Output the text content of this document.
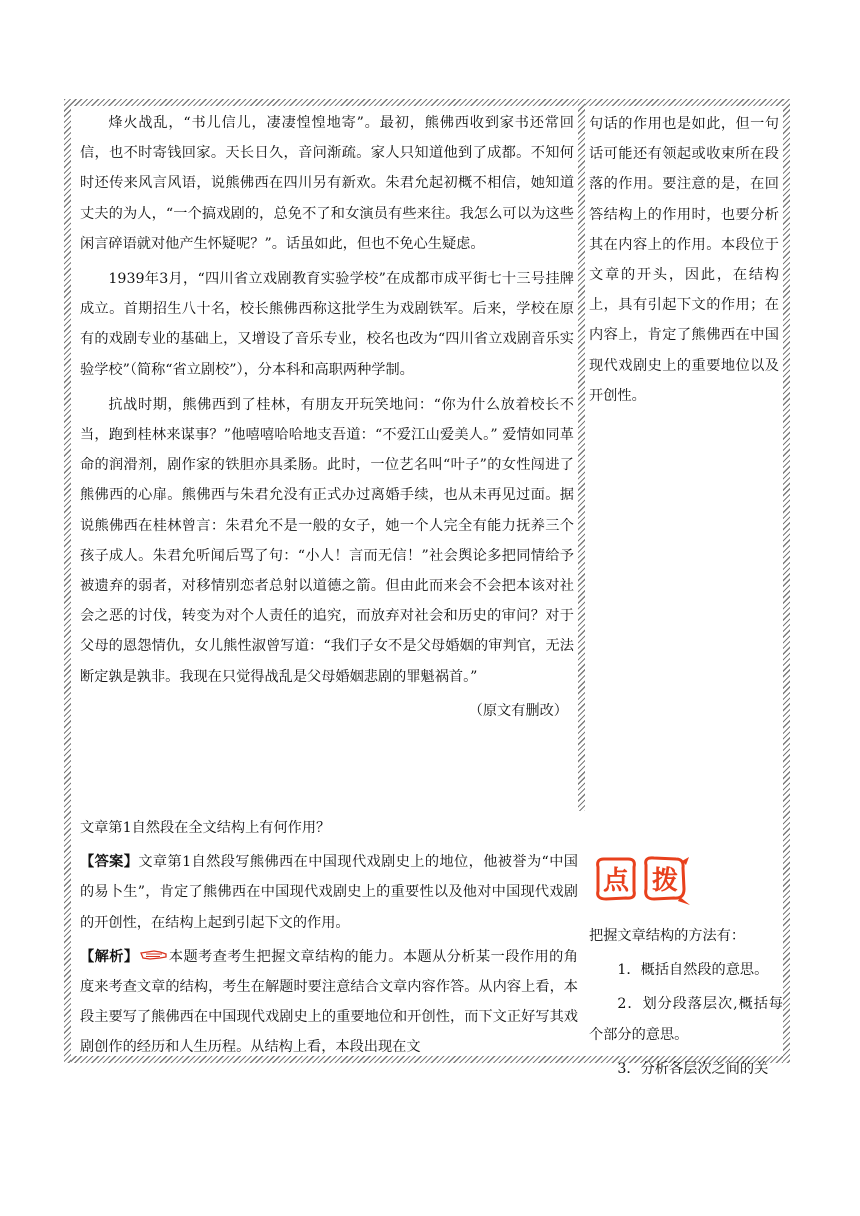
烽火战乱，“书儿信儿，凄凄惶惶地寄”。最初，熊佛西收到家书还常回信，也不时寄钱回家。天长日久，音问渐疏。家人只知道他到了成都。不知何时还传来风言风语，说熊佛西在四川另有新欢。朱君允起初概不相信，她知道丈夫的为人，“一个搞戏剧的，总免不了和女演员有些来往。我怎么可以为这些闲言碎语就对他产生怀疑呢？”。话虽如此，但也不免心生疑虑。

1939年3月，“四川省立戏剧教育实验学校”在成都市成平街七十三号挂牌成立。首期招生八十名，校长熊佛西称这批学生为戏剧铁军。后来，学校在原有的戏剧专业的基础上，又增设了音乐专业，校名也改为“四川省立戏剧音乐实验学校”（简称“省立剧校”），分本科和高职两种学制。

抗战时期，熊佛西到了桂林，有朋友开玩笑地问：“你为什么放着校长不当，跑到桂林来谋事？”他嘻嘻哈哈地支吾道：“不爱江山爱美人。” 爱情如同革命的润滑剂，剧作家的铁胆亦具柔肠。此时，一位艺名叫“叶子”的女性闯进了熊佛西的心扉。熊佛西与朱君允没有正式办过离婚手续，也从未再见过面。据说熊佛西在桂林曾言：朱君允不是一般的女子，她一个人完全有能力抚养三个孩子成人。朱君允听闻后骂了句：“小人！言而无信！”社会舆论多把同情给予被遗弃的弱者，对移情别恋者总射以道德之箭。但由此而来会不会把本该对社会之恶的讨伐，转变为对个人责任的追究，而放弃对社会和历史的审问？对于父母的恩怨情仇，女儿熊性淑曾写道：“我们子女不是父母婚姻的审判官，无法断定孰是孰非。我现在只觉得战乱是父母婚姻悲剧的罪魁祸首。”

（原文有删改）

句话的作用也是如此，但一句话可能还有领起或收束所在段落的作用。要注意的是，在回答结构上的作用时，也要分析其在内容上的作用。本段位于文章的开头，因此，在结构上，具有引起下文的作用；在内容上，肯定了熊佛西在中国现代戏剧史上的重要地位以及开创性。

文章第1自然段在全文结构上有何作用？

【答案】文章第1自然段写熊佛西在中国现代戏剧史上的地位，他被誉为“中国的易卜生”，肯定了熊佛西在中国现代戏剧史上的重要性以及他对中国现代戏剧的开创性，在结构上起到引起下文的作用。

【解析】 本题考查考生把握文章结构的能力。本题从分析某一段作用的角度来考查文章的结构，考生在解题时要注意结合文章内容作答。从内容上看，本段主要写了熊佛西在中国现代戏剧史上的重要地位和开创性，而下文正好写其戏剧创作的经历和人生历程。从结构上看，本段出现在文

点 拨

把握文章结构的方法有：

1．概括自然段的意思。

2．划分段落层次,概括每个部分的意思。

3．分析各层次之间的关
